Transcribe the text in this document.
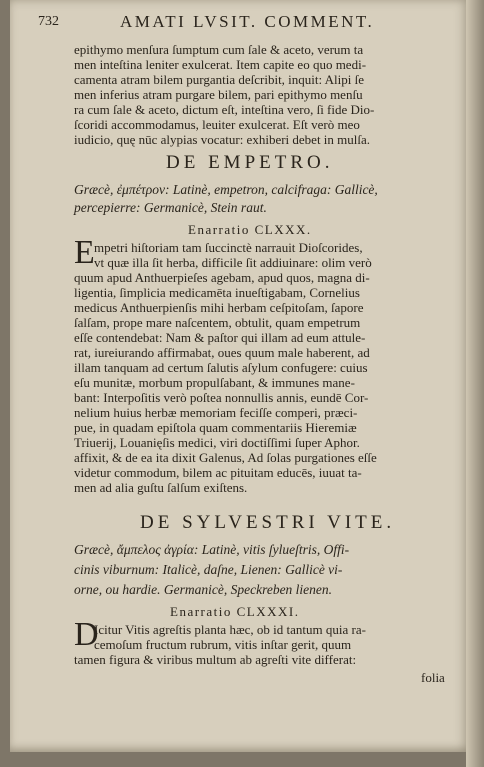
732	AMATI LVSIT. COMMENT.
epithymo menſura ſumptum cum ſale & aceto, verum ta
men inteſtina leniter exulcerat. Item capite eo quo medi-
camenta atram bilem purgantia deſcribit, inquit: Alipi ſe
men inferius atram purgare bilem, pari epithymo menſu
ra cum ſale & aceto, dictum eſt, inteſtina vero, ſi fide Dio-
ſcoridi accommodamus, leuiter exulcerat. Eſt verò meo
iudicio, quę nūc alypias vocatur: exhiberi debet in mulſa.
DE EMPETRO.
Græcè, ἐμπέτρον: Latinè, empetron, calcifraga: Gallicè,
percepierre: Germanicè, Stein raut.
Enarratio CLXXX.
E mpetri hiſtoriam tam ſuccinctè narrauit Dioſcorides,
vt quæ illa ſit herba, difficile ſit addiuinare: olim verò
quum apud Anthuerpieſes agebam, apud quos, magna di-
ligentia, ſimplicia medicamēta inueſtigabam, Cornelius
medicus Anthuerpienſis mihi herbam ceſpitoſam, ſapore
ſalſam, prope mare naſcentem, obtulit, quam empetrum
eſſe contendebat: Nam & paſtor qui illam ad eum attule-
rat, iureiurando affirmabat, oues quum male haberent, ad
illam tanquam ad certum ſalutis aſylum confugere: cuius
eſu munitæ, morbum propulſabant, & immunes mane-
bant: Interpoſitis verò poſtea nonnullis annis, eundē Cor-
nelium huius herbæ memoriam feciſſe comperi, præci-
pue, in quadam epiſtola quam commentariis Hieremiæ
Triuerij, Louanięſis medici, viri doctiſſimi ſuper Aphor.
affixit, & de ea ita dixit Galenus, Ad ſolas purgationes eſſe
videtur commodum, bilem ac pituitam educēs, iuuat ta-
men ad alia guſtu ſalſum exiſtens.
DE SYLVESTRI VITE.
Græcè, ἄμπελος ἀγρία: Latinè, vitis ſylueſtris, Offi-
cinis viburnum: Italicè, daſne, Lienen: Gallicè vi-
orne, ou hardie. Germanicè, Speckreben lienen.
Enarratio CLXXXI.
D
Icitur Vitis agreſtis planta hæc, ob id tantum quia ra-
cemoſum fructum rubrum, vitis inſtar gerit, quum
tamen figura & viribus multum ab agreſti vite differat:
folia
